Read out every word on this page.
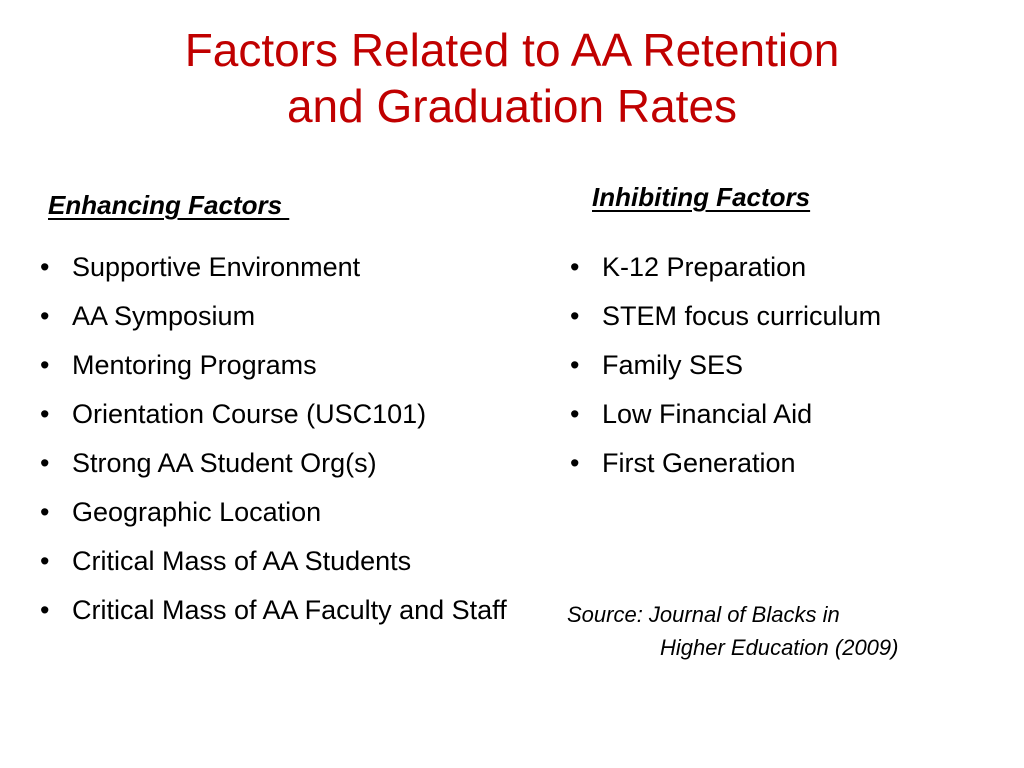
Factors Related to AA Retention
and Graduation Rates
Enhancing Factors	Inhibiting Factors
• Supportive Environment
• AA Symposium
• Mentoring Programs
• Orientation Course (USC101)
• Strong AA Student Org(s)
• Geographic Location
• Critical Mass of AA Students
• Critical Mass of AA Faculty and Staff
• K-12 Preparation
• STEM focus curriculum
• Family SES
• Low Financial Aid
• First Generation
Source: Journal of Blacks in
Higher Education (2009)
